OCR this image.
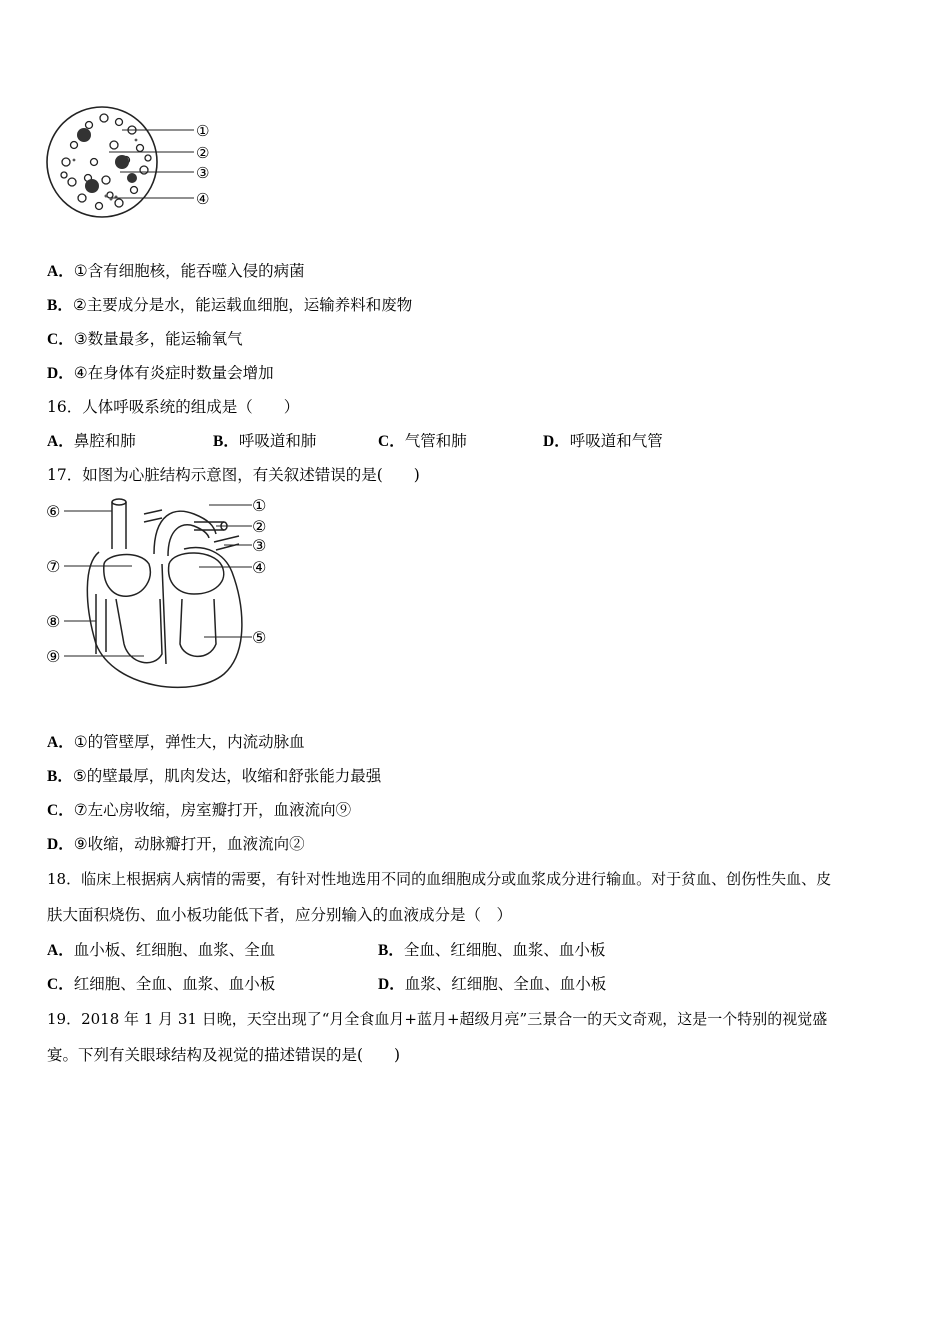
①
②
③
④
A．①含有细胞核，能吞噬入侵的病菌
B．②主要成分是水，能运载血细胞，运输养料和废物
C．③数量最多，能运输氧气
D．④在身体有炎症时数量会增加
16．人体呼吸系统的组成是（　　）
A．鼻腔和肺	B．呼吸道和肺	C．气管和肺	D．呼吸道和气管
17．如图为心脏结构示意图，有关叙述错误的是(　　)
①
②
③
④
⑤
⑥
⑦
⑧
⑨
A．①的管壁厚，弹性大，内流动脉血
B．⑤的壁最厚，肌肉发达，收缩和舒张能力最强
C．⑦左心房收缩，房室瓣打开，血液流向⑨
D．⑨收缩，动脉瓣打开，血液流向②
18．临床上根据病人病情的需要，有针对性地选用不同的血细胞成分或血浆成分进行输血。对于贫血、创伤性失血、皮
肤大面积烧伤、血小板功能低下者，应分别输入的血液成分是（　）
A．血小板、红细胞、血浆、全血	B．全血、红细胞、血浆、血小板
C．红细胞、全血、血浆、血小板	D．血浆、红细胞、全血、血小板
19．2018 年 1 月 31 日晚，天空出现了“月全食血月+蓝月+超级月亮”三景合一的天文奇观，这是一个特别的视觉盛
宴。下列有关眼球结构及视觉的描述错误的是(　　)
